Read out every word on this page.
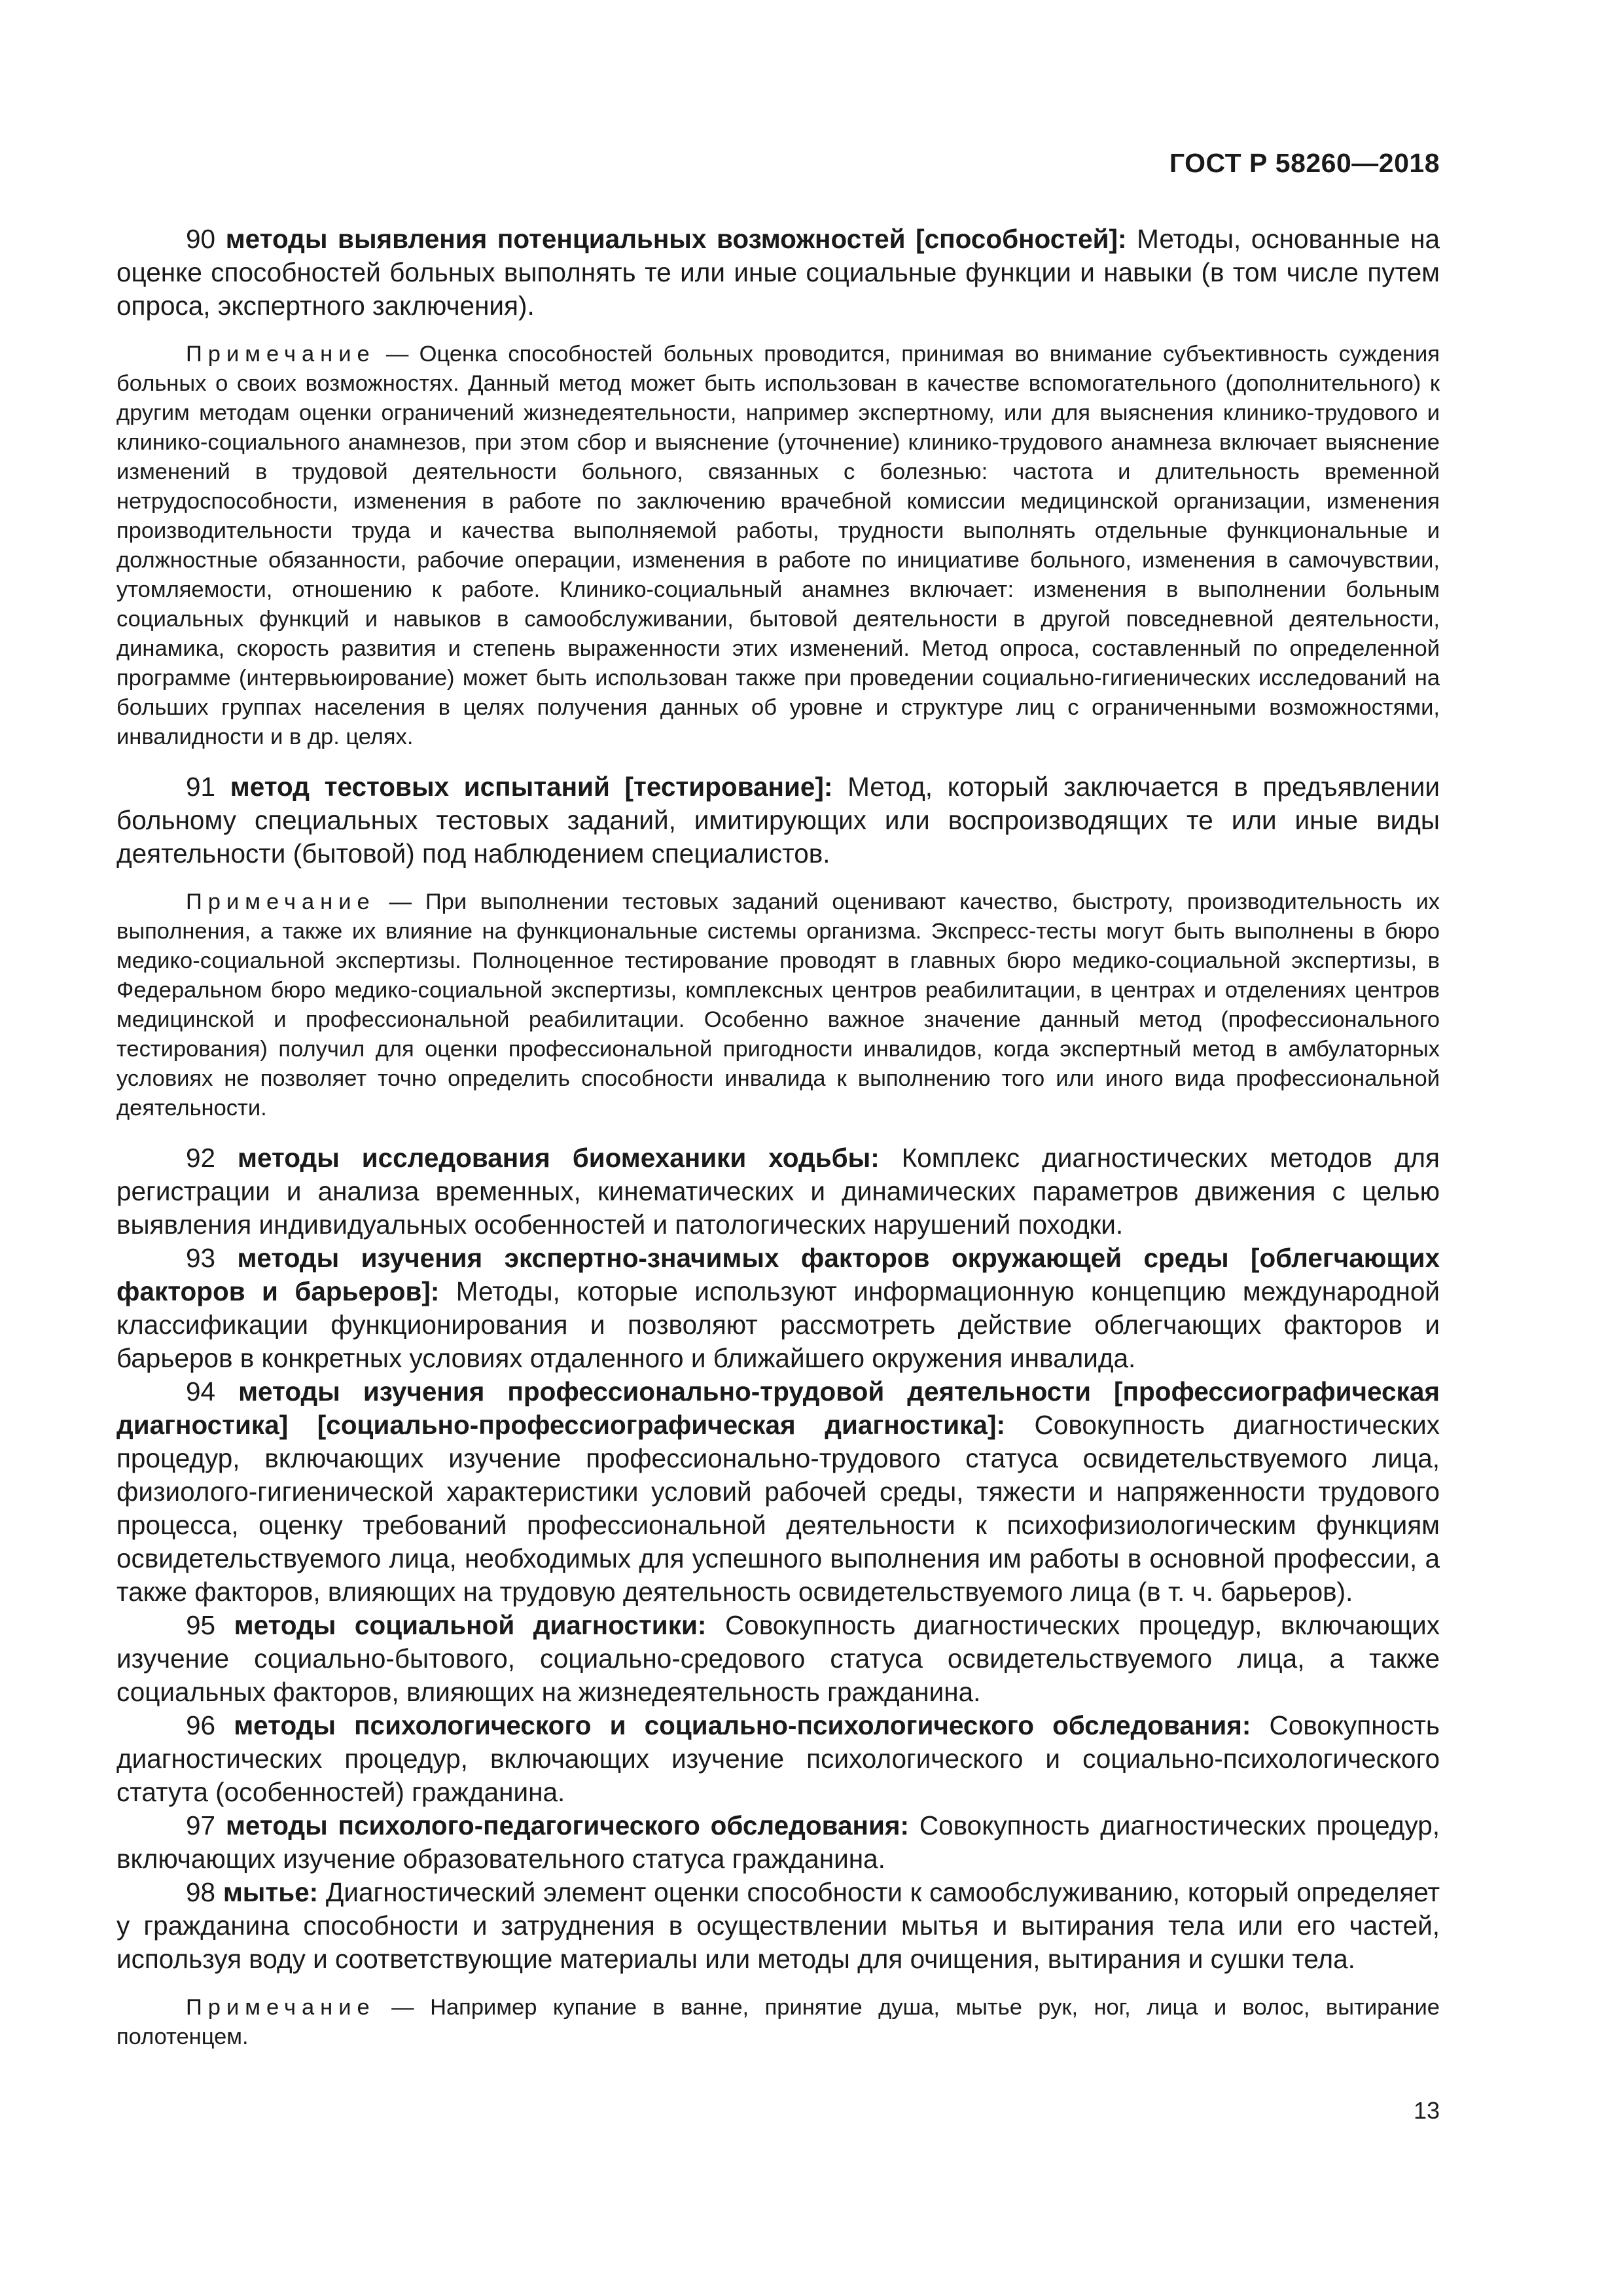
ГОСТ Р 58260—2018

90 методы выявления потенциальных возможностей [способностей]: Методы, основанные на оценке способностей больных выполнять те или иные социальные функции и навыки (в том числе путем опроса, экспертного заключения).

Примечание — Оценка способностей больных проводится, принимая во внимание субъективность суждения больных о своих возможностях. Данный метод может быть использован в качестве вспомогательного (дополнительного) к другим методам оценки ограничений жизнедеятельности, например экспертному, или для выяснения клинико-трудового и клинико-социального анамнезов, при этом сбор и выяснение (уточнение) клинико-трудового анамнеза включает выяснение изменений в трудовой деятельности больного, связанных с болезнью: частота и длительность временной нетрудоспособности, изменения в работе по заключению врачебной комиссии медицинской организации, изменения производительности труда и качества выполняемой работы, трудности выполнять отдельные функциональные и должностные обязанности, рабочие операции, изменения в работе по инициативе больного, изменения в самочувствии, утомляемости, отношению к работе. Клинико-социальный анамнез включает: изменения в выполнении больным социальных функций и навыков в самообслуживании, бытовой деятельности в другой повседневной деятельности, динамика, скорость развития и степень выраженности этих изменений. Метод опроса, составленный по определенной программе (интервьюирование) может быть использован также при проведении социально-гигиенических исследований на больших группах населения в целях получения данных об уровне и структуре лиц с ограниченными возможностями, инвалидности и в др. целях.

91 метод тестовых испытаний [тестирование]: Метод, который заключается в предъявлении больному специальных тестовых заданий, имитирующих или воспроизводящих те или иные виды деятельности (бытовой) под наблюдением специалистов.

Примечание — При выполнении тестовых заданий оценивают качество, быстроту, производительность их выполнения, а также их влияние на функциональные системы организма. Экспресс-тесты могут быть выполнены в бюро медико-социальной экспертизы. Полноценное тестирование проводят в главных бюро медико-социальной экспертизы, в Федеральном бюро медико-социальной экспертизы, комплексных центров реабилитации, в центрах и отделениях центров медицинской и профессиональной реабилитации. Особенно важное значение данный метод (профессионального тестирования) получил для оценки профессиональной пригодности инвалидов, когда экспертный метод в амбулаторных условиях не позволяет точно определить способности инвалида к выполнению того или иного вида профессиональной деятельности.

92 методы исследования биомеханики ходьбы: Комплекс диагностических методов для регистрации и анализа временных, кинематических и динамических параметров движения с целью выявления индивидуальных особенностей и патологических нарушений походки.

93 методы изучения экспертно-значимых факторов окружающей среды [облегчающих факторов и барьеров]: Методы, которые используют информационную концепцию международной классификации функционирования и позволяют рассмотреть действие облегчающих факторов и барьеров в конкретных условиях отдаленного и ближайшего окружения инвалида.

94 методы изучения профессионально-трудовой деятельности [профессиографическая диагностика] [социально-профессиографическая диагностика]: Совокупность диагностических процедур, включающих изучение профессионально-трудового статуса освидетельствуемого лица, физиолого-гигиенической характеристики условий рабочей среды, тяжести и напряженности трудового процесса, оценку требований профессиональной деятельности к психофизиологическим функциям освидетельствуемого лица, необходимых для успешного выполнения им работы в основной профессии, а также факторов, влияющих на трудовую деятельность освидетельствуемого лица (в т. ч. барьеров).

95 методы социальной диагностики: Совокупность диагностических процедур, включающих изучение социально-бытового, социально-средового статуса освидетельствуемого лица, а также социальных факторов, влияющих на жизнедеятельность гражданина.

96 методы психологического и социально-психологического обследования: Совокупность диагностических процедур, включающих изучение психологического и социально-психологического статута (особенностей) гражданина.

97 методы психолого-педагогического обследования: Совокупность диагностических процедур, включающих изучение образовательного статуса гражданина.

98 мытье: Диагностический элемент оценки способности к самообслуживанию, который определяет у гражданина способности и затруднения в осуществлении мытья и вытирания тела или его частей, используя воду и соответствующие материалы или методы для очищения, вытирания и сушки тела.

Примечание — Например купание в ванне, принятие душа, мытье рук, ног, лица и волос, вытирание полотенцем.

13
